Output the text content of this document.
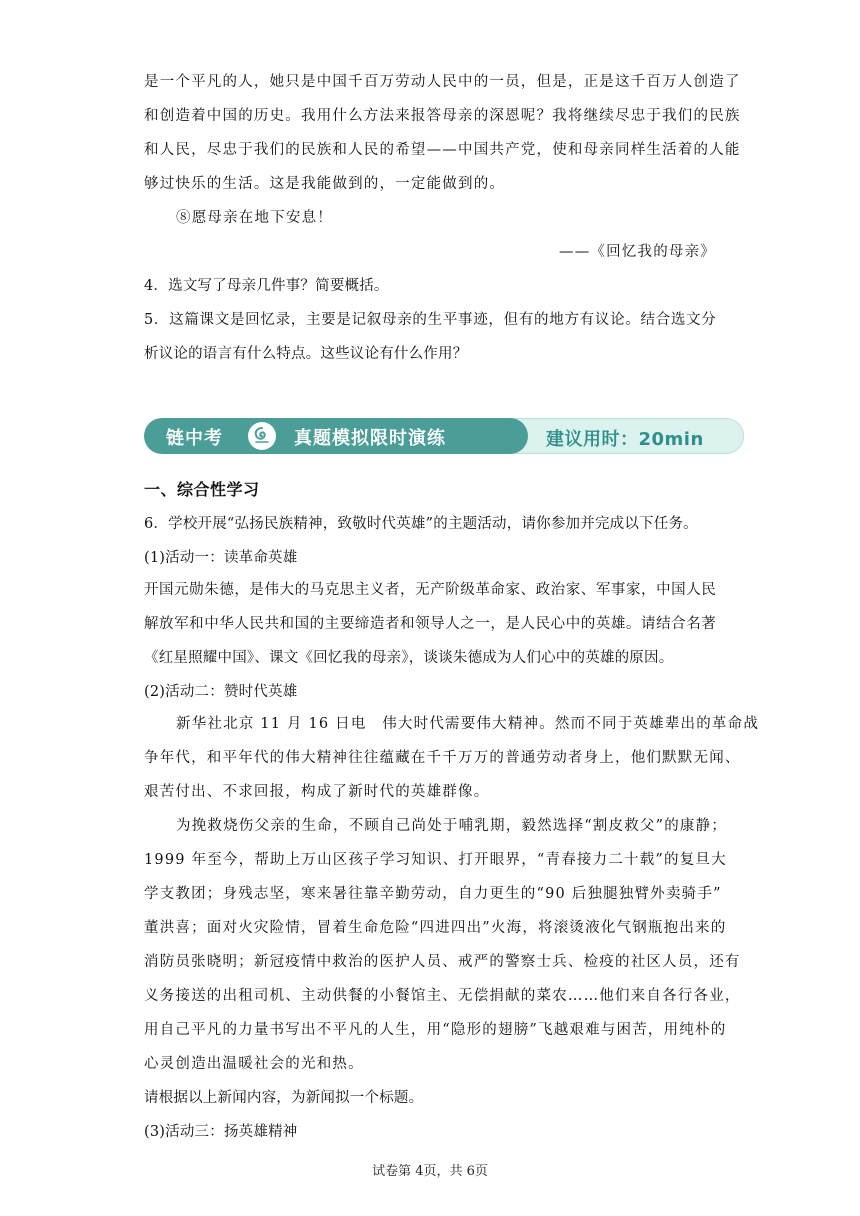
是一个平凡的人，她只是中国千百万劳动人民中的一员，但是，正是这千百万人创造了
和创造着中国的历史。我用什么方法来报答母亲的深恩呢？我将继续尽忠于我们的民族
和人民，尽忠于我们的民族和人民的希望——中国共产党，使和母亲同样生活着的人能
够过快乐的生活。这是我能做到的，一定能做到的。
⑧愿母亲在地下安息！
——《回忆我的母亲》
4．选文写了母亲几件事？简要概括。
5．这篇课文是回忆录，主要是记叙母亲的生平事迹，但有的地方有议论。结合选文分
析议论的语言有什么特点。这些议论有什么作用？
链中考	真题模拟限时演练	建议用时：20min
一、综合性学习
6．学校开展“弘扬民族精神，致敬时代英雄”的主题活动，请你参加并完成以下任务。
(1)活动一：读革命英雄
开国元勋朱德，是伟大的马克思主义者，无产阶级革命家、政治家、军事家，中国人民
解放军和中华人民共和国的主要缔造者和领导人之一，是人民心中的英雄。请结合名著
《红星照耀中国》、课文《回忆我的母亲》，谈谈朱德成为人们心中的英雄的原因。
(2)活动二：赞时代英雄
新华社北京 11 月 16 日电　伟大时代需要伟大精神。然而不同于英雄辈出的革命战
争年代，和平年代的伟大精神往往蕴藏在千千万万的普通劳动者身上，他们默默无闻、
艰苦付出、不求回报，构成了新时代的英雄群像。
为挽救烧伤父亲的生命，不顾自己尚处于哺乳期，毅然选择“割皮救父”的康静；
1999 年至今，帮助上万山区孩子学习知识、打开眼界，“青春接力二十载”的复旦大
学支教团；身残志坚，寒来暑往靠辛勤劳动，自力更生的“90 后独腿独臂外卖骑手”
董洪喜；面对火灾险情，冒着生命危险“四进四出”火海，将滚烫液化气钢瓶抱出来的
消防员张晓明；新冠疫情中救治的医护人员、戒严的警察士兵、检疫的社区人员，还有
义务接送的出租司机、主动供餐的小餐馆主、无偿捐献的菜农……他们来自各行各业，
用自己平凡的力量书写出不平凡的人生，用“隐形的翅膀”飞越艰难与困苦，用纯朴的
心灵创造出温暖社会的光和热。
请根据以上新闻内容，为新闻拟一个标题。
(3)活动三：扬英雄精神
试卷第 4页，共 6页
